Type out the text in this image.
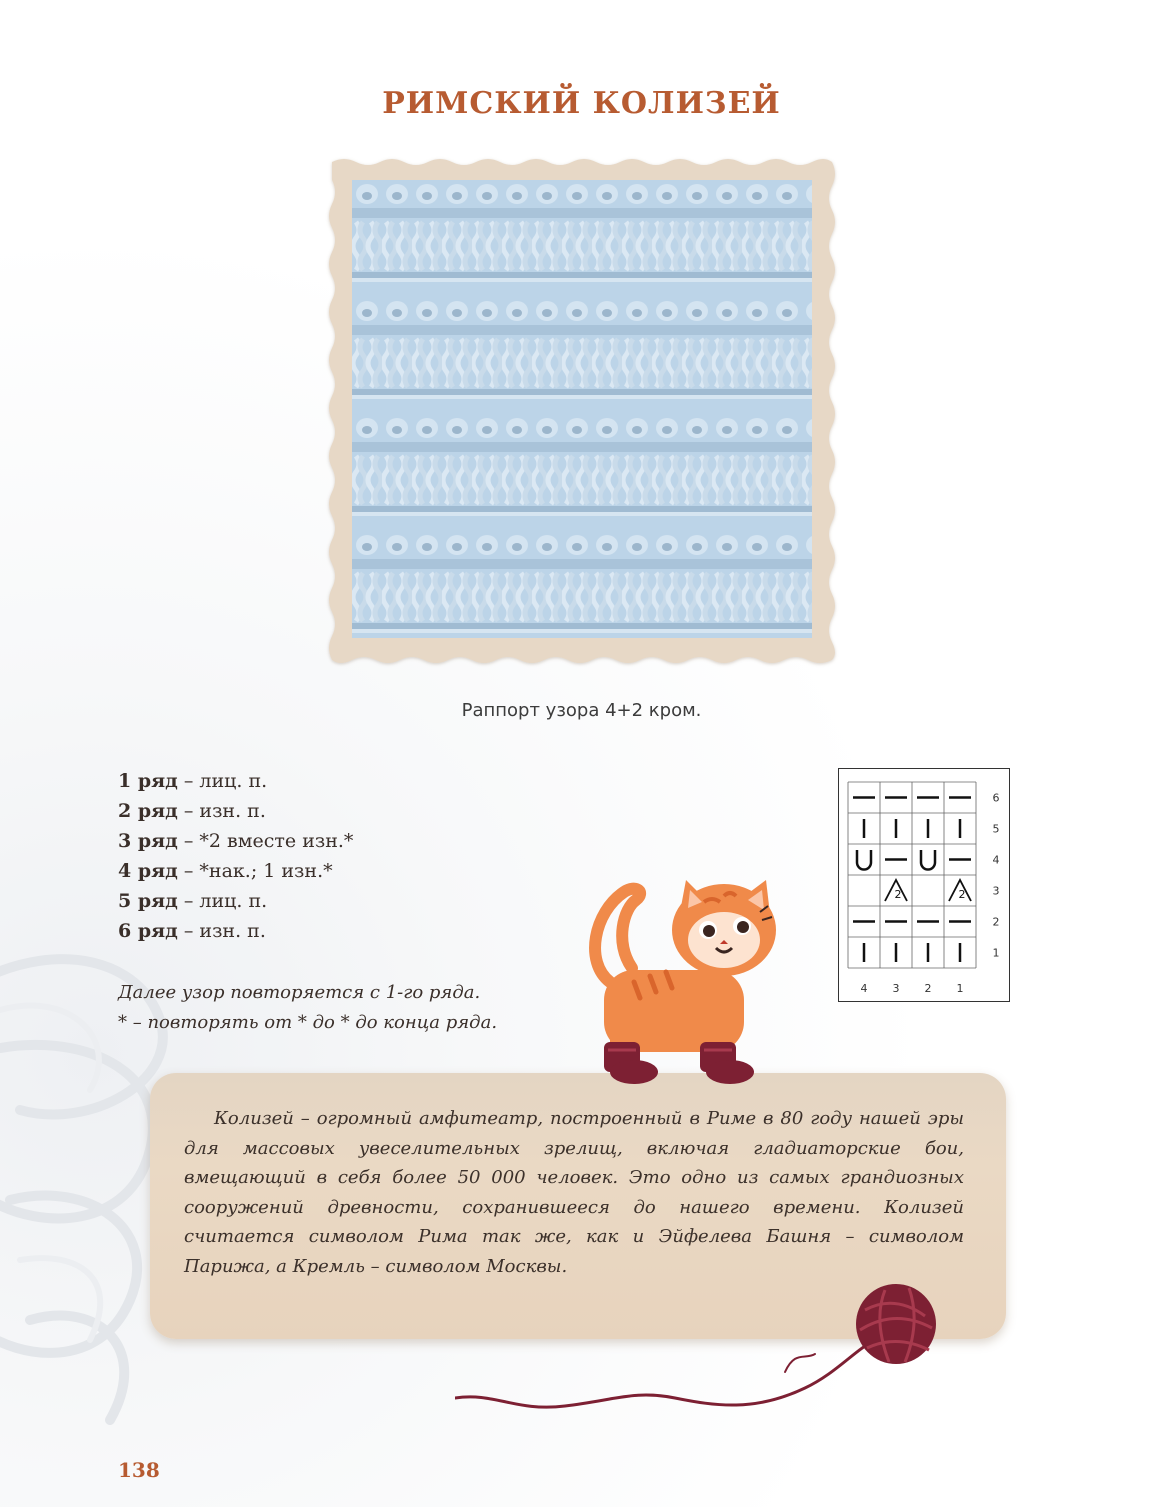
РИМСКИЙ КОЛИЗЕЙ
Раппорт узора 4+2 кром.
1 ряд – лиц. п.
2 ряд – изн. п.
3 ряд – *2 вместе изн.*
4 ряд – *нак.; 1 изн.*
5 ряд – лиц. п.
6 ряд – изн. п.
Далее узор повторяется с 1-го ряда.
* – повторять от * до * до конца ряда.
6
5
4
2	2 3
2
1
4 3 2 1
Колизей – огромный амфитеатр, построенный в Риме в 80 году нашей эры для массовых увеселительных зрелищ, включая гладиаторские бои, вмещающий в себя более 50 000 человек. Это одно из самых грандиозных сооружений древности, сохранившееся до нашего времени. Колизей считается символом Рима так же, как и Эйфелева Башня – символом Парижа, а Кремль – символом Москвы.
138
